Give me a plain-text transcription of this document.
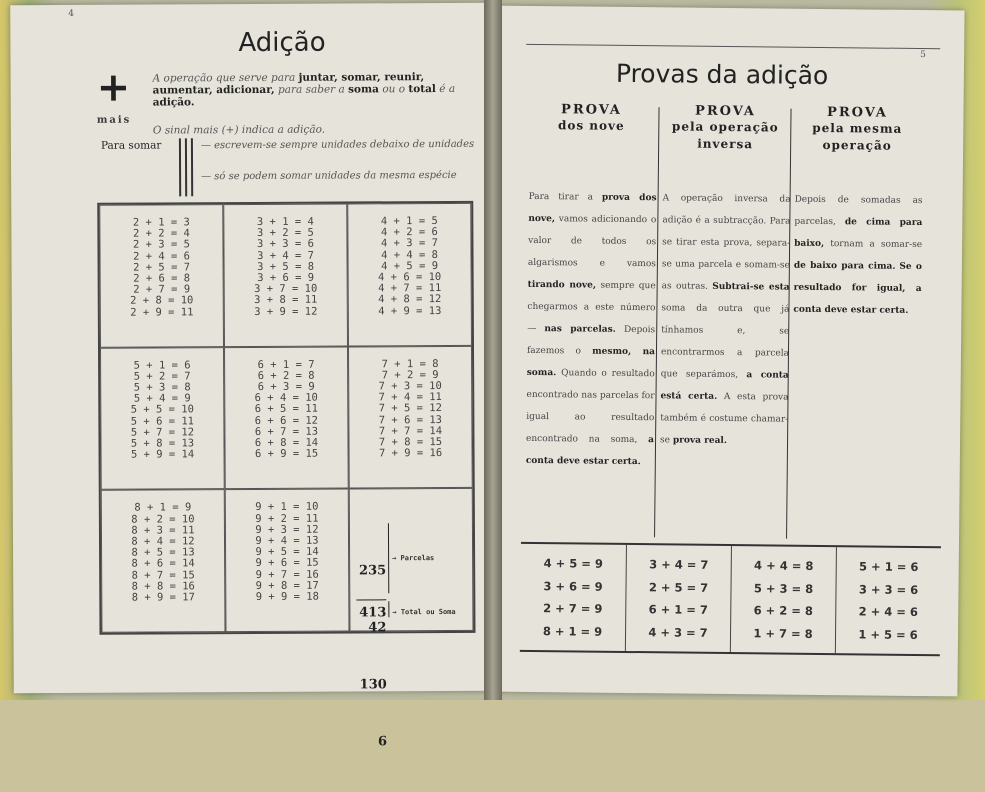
4
Adição
+
mais
A operação que serve para juntar, somar, reunir, aumentar, adicionar, para saber a soma ou o total é a adição.
O sinal mais (+) indica a adição.
Para somar	— escrevem-se sempre unidades debaixo de unidades
— só se podem somar unidades da mesma espécie
2 + 1 = 3
2 + 2 = 4
2 + 3 = 5
2 + 4 = 6
2 + 5 = 7
2 + 6 = 8
2 + 7 = 9
2 + 8 = 10
2 + 9 = 11
3 + 1 = 4
3 + 2 = 5
3 + 3 = 6
3 + 4 = 7
3 + 5 = 8
3 + 6 = 9
3 + 7 = 10
3 + 8 = 11
3 + 9 = 12
4 + 1 = 5
4 + 2 = 6
4 + 3 = 7
4 + 4 = 8
4 + 5 = 9
4 + 6 = 10
4 + 7 = 11
4 + 8 = 12
4 + 9 = 13
5 + 1 = 6
5 + 2 = 7
5 + 3 = 8
5 + 4 = 9
5 + 5 = 10
5 + 6 = 11
5 + 7 = 12
5 + 8 = 13
5 + 9 = 14
6 + 1 = 7
6 + 2 = 8
6 + 3 = 9
6 + 4 = 10
6 + 5 = 11
6 + 6 = 12
6 + 7 = 13
6 + 8 = 14
6 + 9 = 15
7 + 1 = 8
7 + 2 = 9
7 + 3 = 10
7 + 4 = 11
7 + 5 = 12
7 + 6 = 13
7 + 7 = 14
7 + 8 = 15
7 + 9 = 16
8 + 1 = 9
8 + 2 = 10
8 + 3 = 11
8 + 4 = 12
8 + 5 = 13
8 + 6 = 14
8 + 7 = 15
8 + 8 = 16
8 + 9 = 17
9 + 1 = 10
9 + 2 = 11
9 + 3 = 12
9 + 4 = 13
9 + 5 = 14
9 + 6 = 15
9 + 7 = 16
9 + 8 = 17
9 + 9 = 18

235

42

130

6

413

→ Parcelas

→ Total ou Soma

5
Provas da adição
PROVA
dos nove
PROVA
pela operação inversa
PROVA
pela mesma operação
Para tirar a prova dos nove, vamos adicionando o valor de todos os algarismos e vamos tirando nove, sempre que chegarmos a este número — nas parcelas. Depois fazemos o mesmo, na soma. Quando o resultado encontrado nas parcelas for igual ao resultado encontrado na soma, a conta deve estar certa.
A operação inversa da adição é a subtracção. Para se tirar esta prova, separa-se uma parcela e somam-se as outras. Subtrai-se esta soma da outra que já tínhamos e, se encontrarmos a parcela que separámos, a conta está certa. A esta prova também é costume chamar-se prova real.
Depois de somadas as parcelas, de cima para baixo, tornam a somar-se de baixo para cima. Se o resultado for igual, a conta deve estar certa.
4 + 5 = 9
3 + 6 = 9
2 + 7 = 9
8 + 1 = 9
3 + 4 = 7
2 + 5 = 7
6 + 1 = 7
4 + 3 = 7
4 + 4 = 8
5 + 3 = 8
6 + 2 = 8
1 + 7 = 8
5 + 1 = 6
3 + 3 = 6
2 + 4 = 6
1 + 5 = 6
